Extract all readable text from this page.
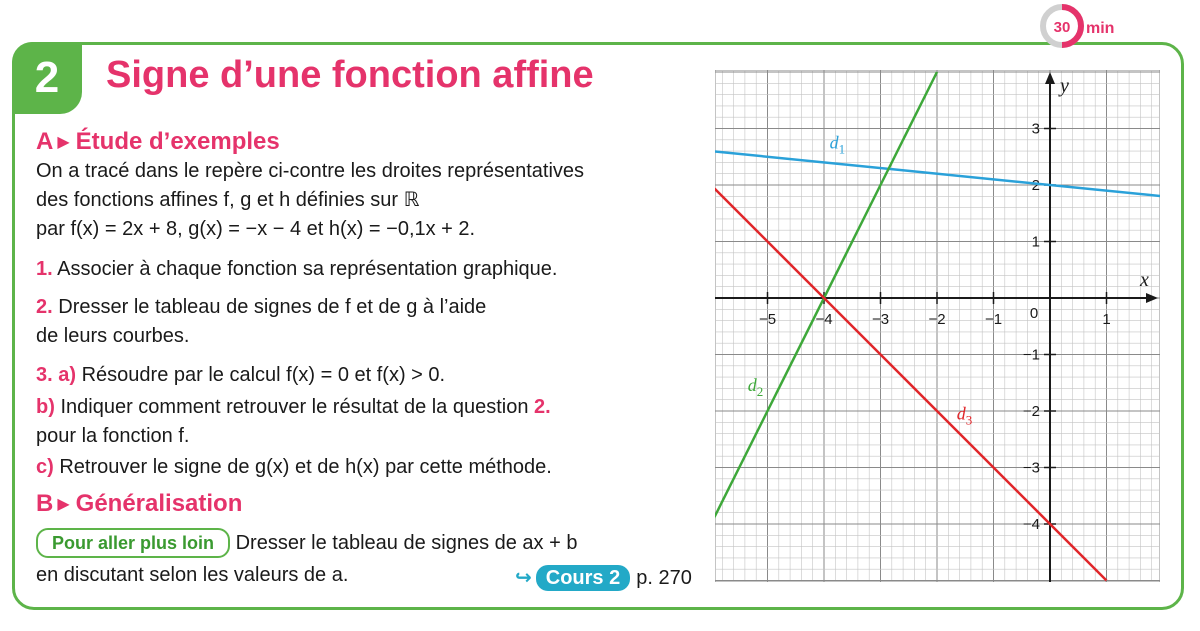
2 Signe d’une fonction affine
30 min
A ▶ Étude d’exemples
On a tracé dans le repère ci-contre les droites représentatives
des fonctions affines f, g et h définies sur ℝ
par f(x) = 2x + 8, g(x) = −x − 4 et h(x) = −0,1x + 2.
1. Associer à chaque fonction sa représentation graphique.
2. Dresser le tableau de signes de f et de g à l’aide
de leurs courbes.
3. a) Résoudre par le calcul f(x) = 0 et f(x) > 0.
b) Indiquer comment retrouver le résultat de la question 2.
pour la fonction f.
c) Retrouver le signe de g(x) et de h(x) par cette méthode.
B ▶ Généralisation
Pour aller plus loin Dresser le tableau de signes de ax + b
en discutant selon les valeurs de a.	↪ Cours 2 p. 270
x
y
−5	−4	−3	−2	−1	1
3
2
1
−1
−2
−3
−4
0
$d_1$
$d_2$
$d_3$
